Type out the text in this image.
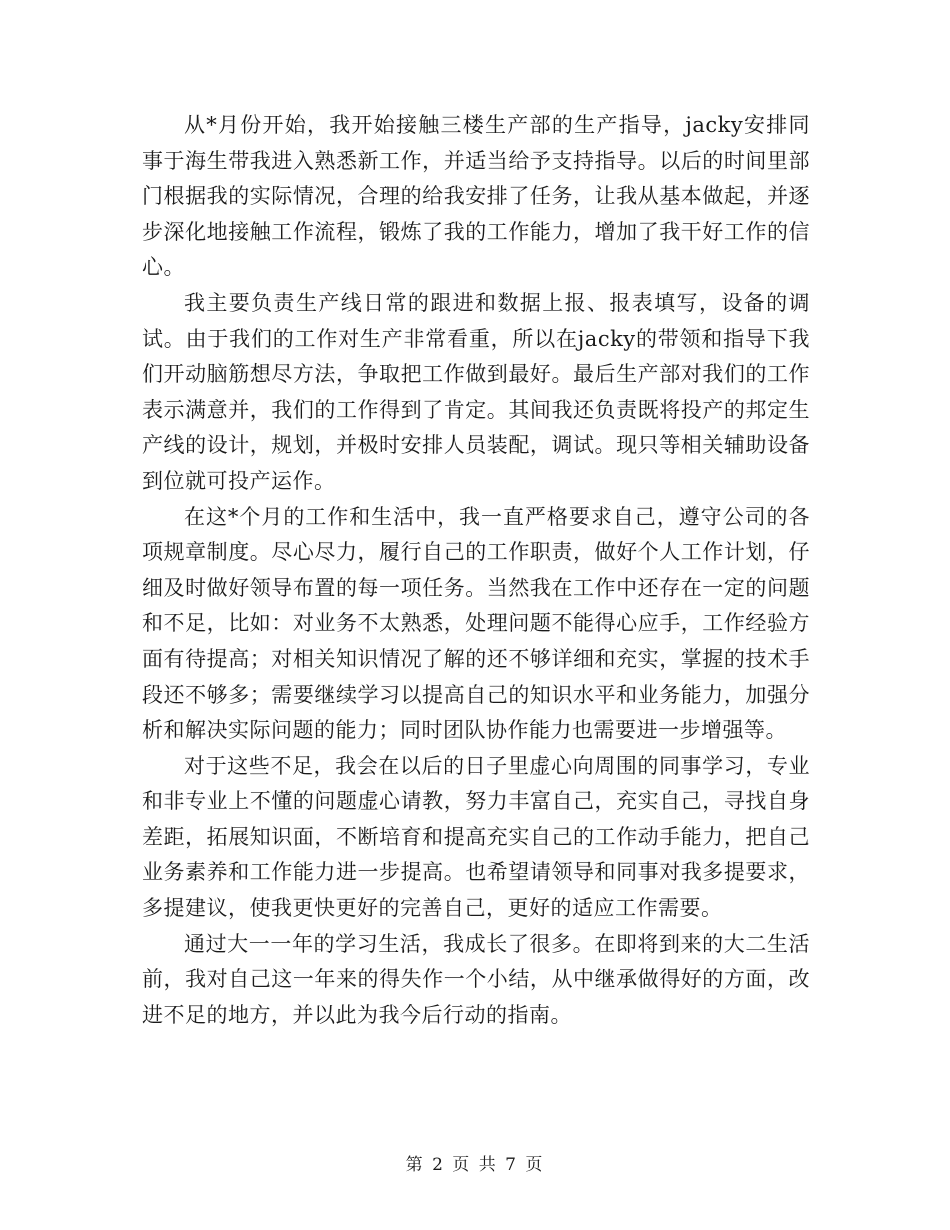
从*月份开始，我开始接触三楼生产部的生产指导，jacky安排同事于海生带我进入熟悉新工作，并适当给予支持指导。以后的时间里部门根据我的实际情况，合理的给我安排了任务，让我从基本做起，并逐步深化地接触工作流程，锻炼了我的工作能力，增加了我干好工作的信心。

我主要负责生产线日常的跟进和数据上报、报表填写，设备的调试。由于我们的工作对生产非常看重，所以在jacky的带领和指导下我们开动脑筋想尽方法，争取把工作做到最好。最后生产部对我们的工作表示满意并，我们的工作得到了肯定。其间我还负责既将投产的邦定生产线的设计，规划，并极时安排人员装配，调试。现只等相关辅助设备到位就可投产运作。

在这*个月的工作和生活中，我一直严格要求自己，遵守公司的各项规章制度。尽心尽力，履行自己的工作职责，做好个人工作计划，仔细及时做好领导布置的每一项任务。当然我在工作中还存在一定的问题和不足，比如：对业务不太熟悉，处理问题不能得心应手，工作经验方面有待提高；对相关知识情况了解的还不够详细和充实，掌握的技术手段还不够多；需要继续学习以提高自己的知识水平和业务能力，加强分析和解决实际问题的能力；同时团队协作能力也需要进一步增强等。

对于这些不足，我会在以后的日子里虚心向周围的同事学习，专业和非专业上不懂的问题虚心请教，努力丰富自己，充实自己，寻找自身差距，拓展知识面，不断培育和提高充实自己的工作动手能力，把自己业务素养和工作能力进一步提高。也希望请领导和同事对我多提要求，多提建议，使我更快更好的完善自己，更好的适应工作需要。

通过大一一年的学习生活，我成长了很多。在即将到来的大二生活前，我对自己这一年来的得失作一个小结，从中继承做得好的方面，改进不足的地方，并以此为我今后行动的指南。

第 2 页 共 7 页
